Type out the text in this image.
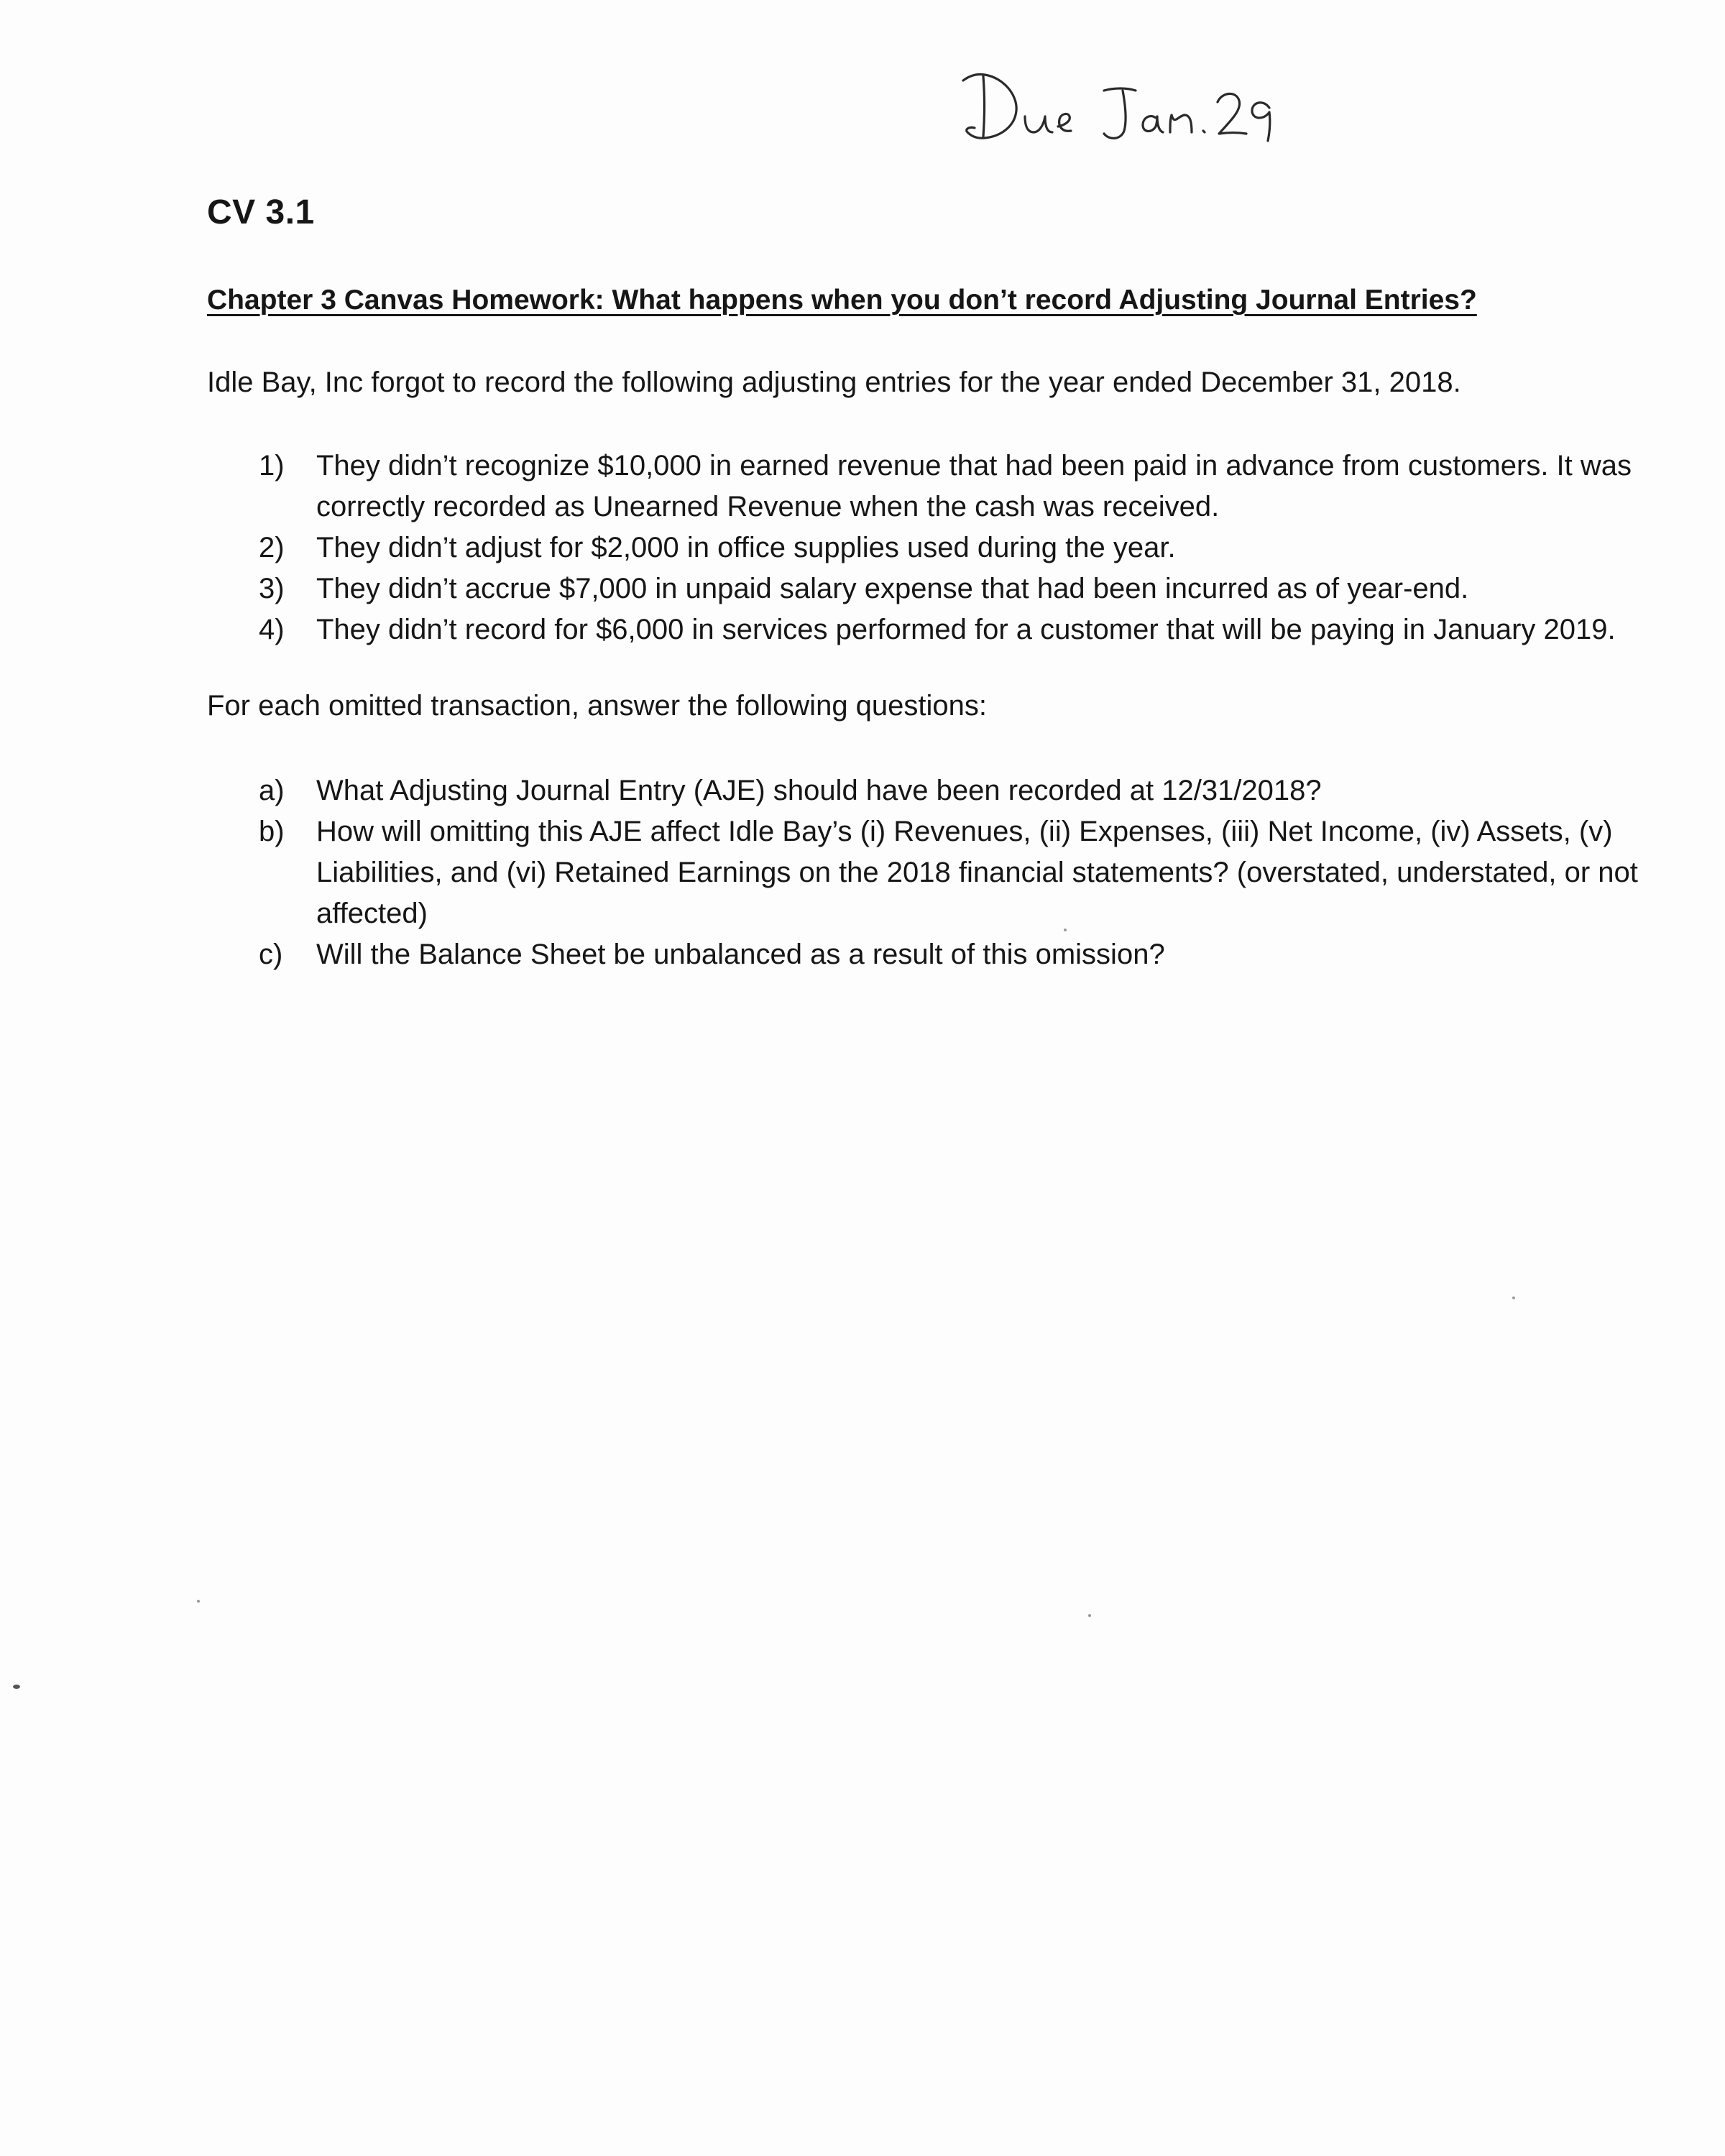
CV 3.1
Chapter 3 Canvas Homework: What happens when you don’t record Adjusting Journal Entries?
Idle Bay, Inc forgot to record the following adjusting entries for the year ended December 31, 2018.
1)	They didn’t recognize $10,000 in earned revenue that had been paid in advance from customers. It was correctly recorded as Unearned Revenue when the cash was received.
2)	They didn’t adjust for $2,000 in office supplies used during the year.
3)	They didn’t accrue $7,000 in unpaid salary expense that had been incurred as of year-end.
4)	They didn’t record for $6,000 in services performed for a customer that will be paying in January 2019.
For each omitted transaction, answer the following questions:
a)	What Adjusting Journal Entry (AJE) should have been recorded at 12/31/2018?
b)	How will omitting this AJE affect Idle Bay’s (i) Revenues, (ii) Expenses, (iii) Net Income, (iv) Assets, (v) Liabilities, and (vi) Retained Earnings on the 2018 financial statements? (overstated, understated, or not affected)
c)	Will the Balance Sheet be unbalanced as a result of this omission?
